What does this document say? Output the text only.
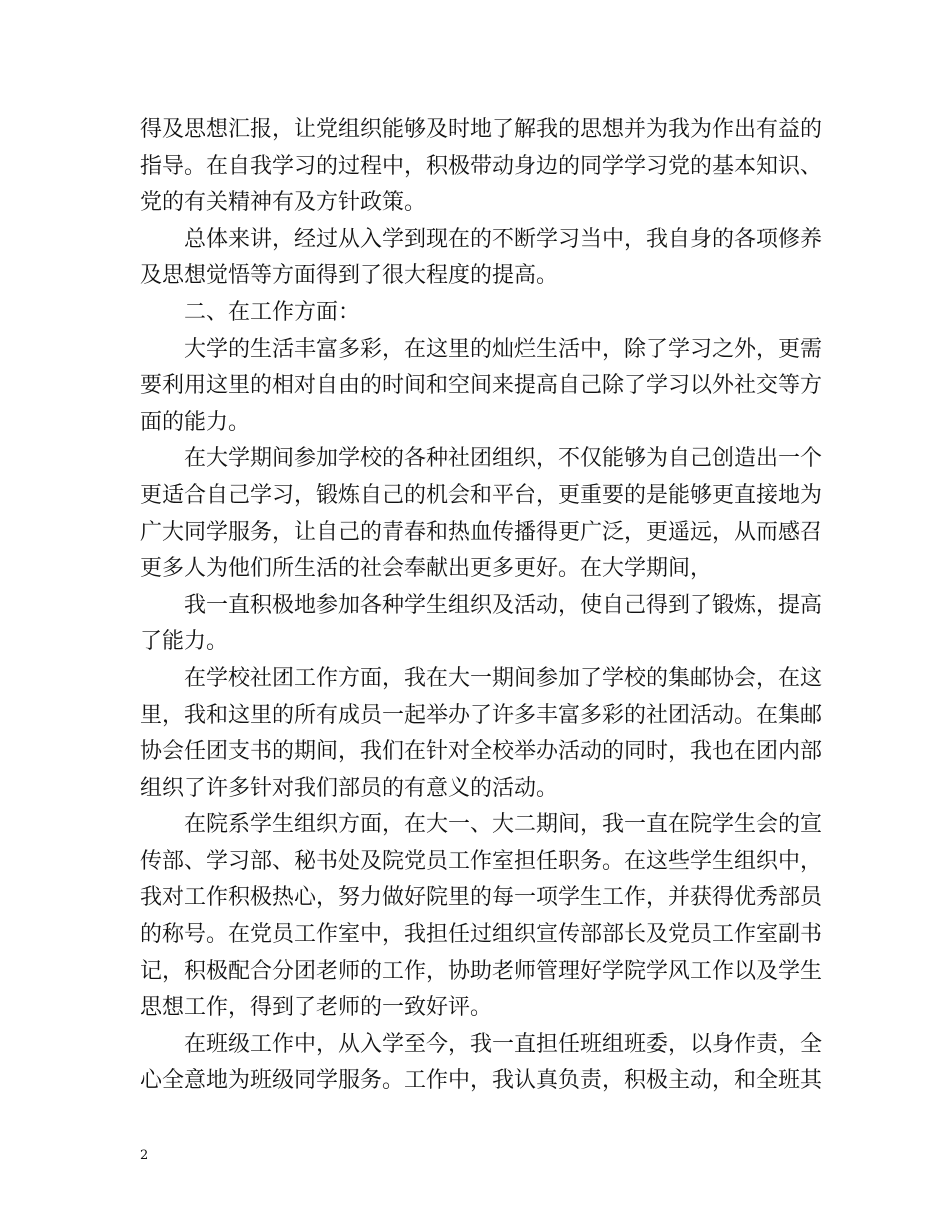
得及思想汇报，让党组织能够及时地了解我的思想并为我为作出有益的
指导。在自我学习的过程中，积极带动身边的同学学习党的基本知识、
党的有关精神有及方针政策。
总体来讲，经过从入学到现在的不断学习当中，我自身的各项修养
及思想觉悟等方面得到了很大程度的提高。
二、在工作方面：
大学的生活丰富多彩，在这里的灿烂生活中，除了学习之外，更需
要利用这里的相对自由的时间和空间来提高自己除了学习以外社交等方
面的能力。
在大学期间参加学校的各种社团组织，不仅能够为自己创造出一个
更适合自己学习，锻炼自己的机会和平台，更重要的是能够更直接地为
广大同学服务，让自己的青春和热血传播得更广泛，更遥远，从而感召
更多人为他们所生活的社会奉献出更多更好。在大学期间，
我一直积极地参加各种学生组织及活动，使自己得到了锻炼，提高
了能力。
在学校社团工作方面，我在大一期间参加了学校的集邮协会，在这
里，我和这里的所有成员一起举办了许多丰富多彩的社团活动。在集邮
协会任团支书的期间，我们在针对全校举办活动的同时，我也在团内部
组织了许多针对我们部员的有意义的活动。
在院系学生组织方面，在大一、大二期间，我一直在院学生会的宣
传部、学习部、秘书处及院党员工作室担任职务。在这些学生组织中，
我对工作积极热心，努力做好院里的每一项学生工作，并获得优秀部员
的称号。在党员工作室中，我担任过组织宣传部部长及党员工作室副书
记，积极配合分团老师的工作，协助老师管理好学院学风工作以及学生
思想工作，得到了老师的一致好评。
在班级工作中，从入学至今，我一直担任班组班委，以身作责，全
心全意地为班级同学服务。工作中，我认真负责，积极主动，和全班其
2
